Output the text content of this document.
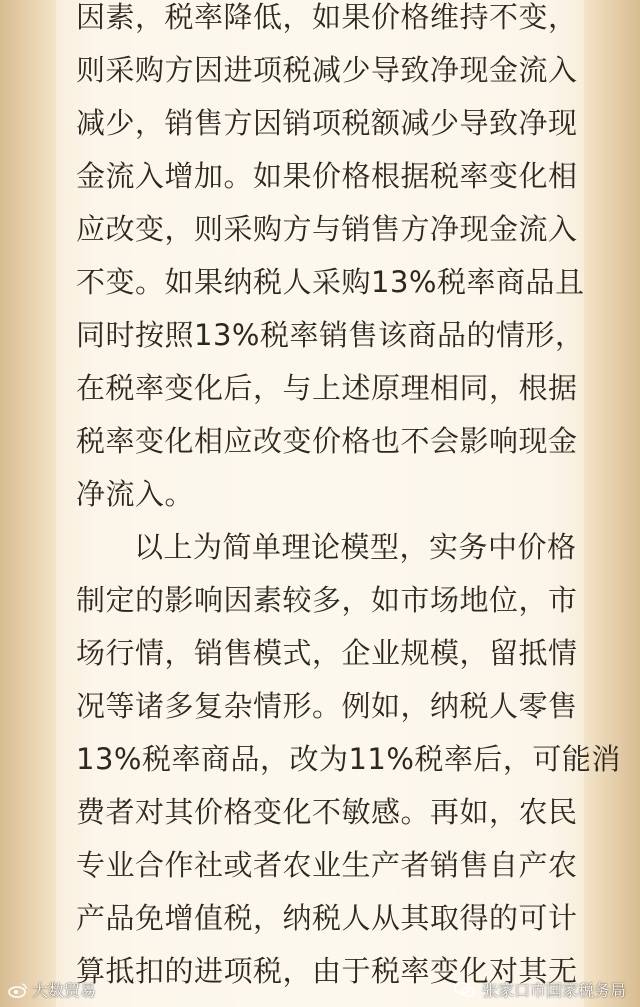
因素，税率降低，如果价格维持不变，
则采购方因进项税减少导致净现金流入
减少，销售方因销项税额减少导致净现
金流入增加。如果价格根据税率变化相
应改变，则采购方与销售方净现金流入
不变。如果纳税人采购13%税率商品且
同时按照13%税率销售该商品的情形，
在税率变化后，与上述原理相同，根据
税率变化相应改变价格也不会影响现金
净流入。
以上为简单理论模型，实务中价格
制定的影响因素较多，如市场地位，市
场行情，销售模式，企业规模，留抵情
况等诸多复杂情形。例如，纳税人零售
13%税率商品，改为11%税率后，可能消
费者对其价格变化不敏感。再如，农民
专业合作社或者农业生产者销售自产农
产品免增值税，纳税人从其取得的可计
算抵扣的进项税，由于税率变化对其无
大数贸易	张家口市国家税务局
